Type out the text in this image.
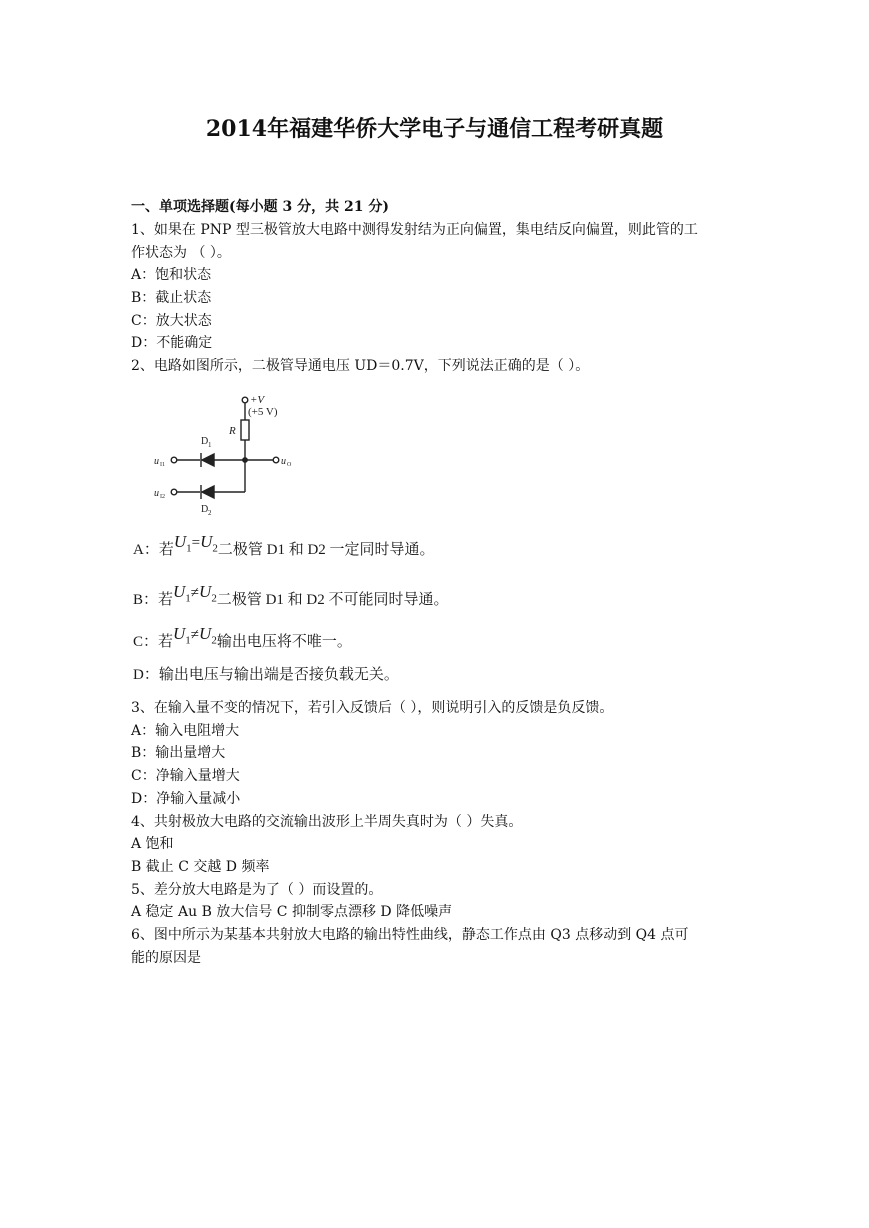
2014年福建华侨大学电子与通信工程考研真题
一、单项选择题(每小题 3 分，共 21 分)
1、如果在 PNP 型三极管放大电路中测得发射结为正向偏置，集电结反向偏置，则此管的工
作状态为 （ ）。
A：饱和状态
B：截止状态
C：放大状态
D：不能确定
2、电路如图所示，二极管导通电压 UD＝0.7V，下列说法正确的是（ ）。
+V
(+5 V)
R
D 1
D 2
u I1
u I2
u O
A：若$U_1=U_2$二极管 D1 和 D2 一定同时导通。
B：若$U_1\ne U_2$二极管 D1 和 D2 不可能同时导通。
C：若$U_1\ne U_2$输出电压将不唯一。
D：输出电压与输出端是否接负载无关。
3、在输入量不变的情况下，若引入反馈后（ ），则说明引入的反馈是负反馈。
A：输入电阻增大
B：输出量增大
C：净输入量增大
D：净输入量减小
4、共射极放大电路的交流输出波形上半周失真时为（ ）失真。
A 饱和
B 截止 C 交越 D 频率
5、差分放大电路是为了（ ）而设置的。
A 稳定 Au B 放大信号 C 抑制零点漂移 D 降低噪声
6、图中所示为某基本共射放大电路的输出特性曲线，静态工作点由 Q3 点移动到 Q4 点可
能的原因是
